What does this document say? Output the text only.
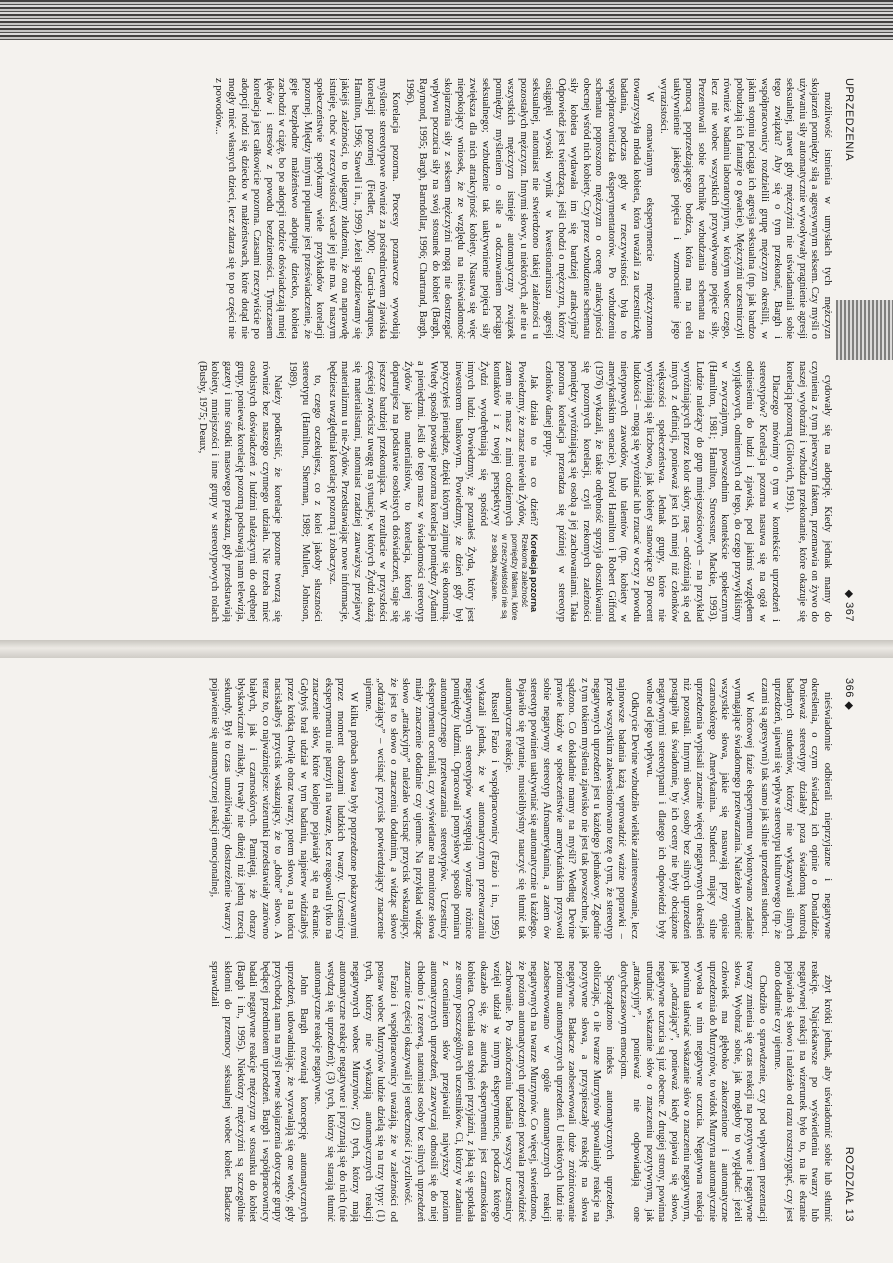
UPRZEDZENIA
◆ 367

możliwość istnienia w umysłach tych mężczyzn skojarzeń pomiędzy siłą a agresywnym seksem. Czy myśli o używaniu siły automatycznie wywoływały pragnienie agresji seksualnej, nawet gdy mężczyźni nie uświadamiali sobie tego związku? Aby się o tym przekonać, Bargh i współpracownicy rozdzielili grupę mężczyzn określili, w jakim stopniu pociąga ich agresja seksualna (np. jak bardzo pobudzają ich fantazje o gwałcie). Mężczyźni uczestniczyli również w badaniu laboratoryjnym, w którym wobec czego, lecz nie wobec wszystkich przywoływano pojęcie siły. Prezentowali sobie technikę wzbudzania schematu za pomocą poprzedzającego bodźca, która ma na celu uaktywnienie jakiegoś pojęcia i wzmocnienie jego wyrazistości.

W omawianym eksperymencie mężczyznom towarzyszyła młoda kobieta, która uważali za uczestniczkę badania, podczas gdy w rzeczywistości była to współpracowniczka eksperymentatorów. Po wzbudzeniu schematu poproszono mężczyzn o ocenę atrakcyjności obecnej wśród nich kobiety. Czy przez wzbudzenie schematu siły kobieta wydawała im się bardziej atrakcyjna? Odpowiedź jest twierdząca, jeśli chodzi o mężczyzn, którzy osiągnęli wysoki wynik w kwestionariuszu agresji seksualnej, natomiast nie stwierdzono takiej zależności u pozostałych mężczyzn. Innymi słowy, u niektórych, ale nie u wszystkich mężczyzn istnieje automatyczny związek pomiędzy myśleniem o sile a odczuwaniem pociągu seksualnego; wzbudzenie tak uaktywnienie pojęcia siły zwiększa dla nich atrakcyjność kobiety. Nasuwa się więc niepokojący wniosek, że ze względu na nieświadomość skojarzenia siły z seksem mężczyźni mogą nie dostrzegać wpływu poczucia siły na swój stosunek do kobiet (Bargh, Raymond, 1995; Bargh, Barndollar, 1996; Chartrand, Bargh, 1996).

Korelacja pozorna. Procesy poznawcze wywołują myślenie stereotypowe również za pośrednictwem zjawiska korelacji pozornej (Fiedler, 2000; Garcia-Marques, Hamilton, 1996; Stawell i in., 1999). Jeżeli spodziewamy się jakiejś zależności, to ulegamy złudzeniu, że ona naprawdę istnieje, choć w rzeczywistości wcale jej nie ma. W naszym społeczeństwie spotykamy wiele przykładów korelacji pozornej. Między innymi popularne jest przeświadczenie, że geje bezpłodne małżeństwo adoptuje dziecko, kobieta zachodzi w ciążę, bo po adopcji rodzice doświadczają mniej lęków i stresów z powodu bezdzietności. Tymczasem korelacja jest całkowicie pozorna. Czasami rzeczywiście po adopcji rodzi się dziecko w małżeństwach, które dotąd nie mogły mieć własnych dzieci, lecz zdarza się to po części nie z powodów...

cydowały się na adopcję. Kiedy jednak mamy do czynienia z tym pierwszym faktem, przemawia on żywo do naszej wyobraźni i wzbudza przekonanie, które okazuje się korelacją pozorną (Gilovich, 1991).

Dlaczego mówimy o tym w kontekście uprzedzeń i stereotypów? Korelacja pozorna nasuwa się na ogół w odniesieniu do ludzi i zjawisk, pod jakimś względem wyjątkowych, odmiennych od tego, do czego przywykliśmy w zwyczajnym, powszednim kontekście społecznym (Hamilton, 1981; Hamilton, Stroessner, Mackie, 1993). Ludzie należący do grup mniejszościowych – na przykład wyróżniających przez kolor skóry, rasę – odróżniają się od innych z definicji, ponieważ jest ich mniej niż członków większości społeczeństwa. Jednak grupy, które nie wyróżniają się liczbowo, jak kobiety stanowiące 50 procent ludzkości – mogą się wyróżniać lub rzucać w oczy z powodu nietypowych zawodów, lub talentów (np. kobiety w amerykańskim senacie). David Hamilton i Robert Gifford (1976) wykazali, że takie odrębność sprzyja doszukiwaniu się pozornych korelacji, czyli rzekomych zależności pomiędzy wyróżniającą się osobą a jej zachowaniami. Taka pozorna korelacja przeradza się później w stereotyp członków danej grupy.

Korelacja pozorna
Rzekoma zależność pomiędzy faktami, które w rzeczywistości nie są ze sobą związane.

Jak działa to na co dzień? Powiedzmy, że znasz niewielu Żydów, zatem nie masz z nimi codziennych kontaktów i z twojej perspektywy Żydzi wyodrębniają się spośród innych ludzi. Powiedzmy, że poznałeś Żyda, który jest inwestorem bankowym. Powiedzmy, że dzień gdy był pożyczyłeś pieniądze, dzięki którym zajmuje się ekonomią. Wtedy sposób powstaje pozorna korelacja pomiędzy Żydami a pieniędzmi. Jeśli do tego masz w świadomości stereotyp Żydów jako materialistów, to korelacja, której się dopatrujesz na podstawie osobistych doświadczeń, staje się jeszcze bardziej przekonująca. W rezultacie w przyszłości częściej zwrócisz uwagę na sytuacje, w których Żydzi okażą się materialistami, natomiast rzadziej zauważysz przejawy materializmu u nie-Żydów. Przedstawiając nowe informacje, będziesz uwzględniał korelację pozorną i zobaczysz.

to, czego oczekujesz, co z kolei jakoby słuszności stereotypu (Hamilton, Sherman, 1989; Mullen, Johnson, 1989).

Należy podkreślić, że korelacje pozorne tworzą się również bez naszego czynnego udziału. Nie trzeba mieć osobistych doświadczeń z ludźmi należącymi do odrębnej grupy, ponieważ korelację pozorną podsuwają nam telewizja, gazety i inne środki masowego przekazu, gdy przedstawiają kobiety, mniejszości i inne grupy w stereotypowych rolach (Busby, 1975; Deaux,

366 ◆
ROZDZIAŁ 13

nieświadomie odbierali nieprzyjazne i negatywne określenia, o czym świadczą ich opinie o Donaldzie. Ponieważ stereotypy działały poza świadomą kontrolą badanych studentów, którzy nie wykazywali silnych uprzedzeń, ujawnił się wpływ stereotypu kulturowego (np. że czarni są agresywni) tak samo jak silnie uprzedzeni studenci.

W końcowej fazie eksperymentu wykonywano zadanie wymagające świadomego przetwarzania. Należało wymienić wszystkie słowa, jakie się nasuwają przy opisie czarnoskórego Amerykanina. Studenci mający silne uprzedzenia wypisali znacznie więcej negatywnych określeń niż pozostali. Innymi słowy, osoby bez silnych uprzedzeń postąpiły tak świadomie, by ich oceny nie były obciążone negatywnymi stereotypami i dlatego ich odpowiedzi były wolne od jego wpływu.

Odkrycie Devine wzbudziło wielkie zainteresowanie, lecz najnowsze badania każą wprowadzić ważne poprawki – przede wszystkim zakwestionowano tezę o tym, że stereotyp negatywnych uprzedzeń jest u każdego jednakowy. Zgodnie z tym tokiem myślenia zjawisko nie jest tak powszechne, jak sądzono. Co dokładnie mamy na myśli? Według Devine prawie każdy w społeczeństwie amerykańskim przyswoił sobie negatywny stereotyp Afroamerykanina, a zatem ów stereotyp powinien uaktywniać się automatycznie u każdego. Pojawiło się pytanie, musielibyśmy nauczyć się tłumić tak automatyczne reakcje.

Russell Fazio i współpracownicy (Fazio i in., 1995) wykazali jednak, że w automatycznym przetwarzaniu negatywnych stereotypów występują wyraźne różnice pomiędzy ludźmi. Opracowali pomysłowy sposób pomiaru automatycznego przetwarzania stereotypów. Uczestnicy eksperymentu oceniali, czy wyświetlane na monitorze słowa miały znaczenie dodatnie czy ujemne. Na przykład widząc słowo „atrakcyjny” należało wcisnąć przycisk wskazujący, że jest to słowo o znaczeniu dodatnim, a widząc słowo „odrażający” – wciśnąć przycisk potwierdzający znaczenie ujemne.

W kilku próbach słowa były poprzedzone pokazywanymi przez moment obrazami ludzkich twarzy. Uczestnicy eksperymentu nie patrzyli na twarze, lecz reagowali tylko na znaczenie słów, które kolejno pojawiały się na ekranie. Gdybyś brał udział w tym badaniu, najpierw widziałbyś przez krótką chwilę obraz twarzy, potem słowo, a na końcu naciskałbyś przycisk wskazujący, że to „dobre” słowo. A teraz to, co najważniejsze: wizerunki przedstawiały zarówno białych, jak i czarnoskórych. Pamiętaj, że obrazy błyskawicznie znikały, trwały nie dłużej niż jedną trzecią sekundy. Był to czas umożliwiający dostrzeżenie twarzy i pojawienie się automatycznej reakcji emocjonalnej,

zbyt krótki jednak, aby uświadomić sobie lub stłumić reakcję. Najciekawsze po wyświetleniu twarzy lub negatywnej reakcji na wizerunek było to, na ile ekranie pojawiało się słowo i należało od razu rozstrzygnąć, czy jest ono dodatnie czy ujemne.

Chodziło o sprawdzenie, czy pod wpływem prezentacji twarzy zmienia się czas reakcji na pozytywne i negatywne słowa. Wyobraź sobie, jak mogłoby to wyglądać: jeżeli człowiek ma głęboko zakorzenione i automatyczne uprzedzenia do Murzynów, to widok Murzyna automatycznie wywoła w nim negatywne uczucia. Negatywna reakcja powinna ułatwiać wskazanie słów o znaczeniu negatywnym, jak „odrażający”, ponieważ kiedy pojawia się słowo, negatywne uczucia są już obecne. Z drugiej strony, powinna utrudniać wskazanie słów o znaczeniu pozytywnym, jak „atrakcyjny”, ponieważ nie odpowiadają one dotychczasowym emocjom.

Sporządzono indeks automatycznych uprzedzeń, obliczając, o ile twarze Murzynów spowalniały reakcje na pozytywne słowa, a przyspieszały reakcję na słowa negatywne. Badacze zaobserwowali duże zróżnicowanie poziomu automatycznych uprzedzeń. U niektórych ludzi nie zaobserwowano w ogóle automatycznych reakcji negatywnych na twarze Murzynów. Co więcej, stwierdzono, że poziom automatycznych uprzedzeń pozwala przewidzieć zachowanie. Po zakończeniu badania wszyscy uczestnicy wzięli udział w innym eksperymencie, podczas którego okazało się, że autorką eksperymentu jest czarnoskóra kobieta. Oceniała ona stopień przyjaźni, z jaką się spotkała ze strony poszczególnych uczestników. Ci, którzy w zadaniu z ocenianiem słów przejawiali najwyższy poziom automatycznych uprzedzeń, zazwyczaj odnosili się do niej chłodno i z rezerwą, natomiast osoby bez silnych uprzedzeń znacznie częściej okazywali jej serdeczność i życzliwość.

Fazio i współpracownicy uważają, że w zależności od postaw wobec Murzynów ludzie dzielą się na trzy typy: (1) tych, którzy nie wykazują automatycznych reakcji negatywnych wobec Murzynów; (2) tych, którzy mają automatyczne reakcje negatywne i przyznają się do nich (nie wstydzą się uprzedzeń); (3) tych, którzy się starają tłumić automatyczne reakcje negatywne.

John Bargh rozwinął koncepcję automatycznych uprzedzeń, udowadniając, że wyzwalają się one wtedy, gdy przychodzą nam na myśl pewne skojarzenia dotyczące grupy będącej przedmiotem uprzedzeń. Bargh i współpracownicy badali negatywne reakcje mężczyzn w stosunku do kobiet (Bargh i in., 1995). Niektórzy mężczyźni są szczególnie skłonni do przemocy seksualnej wobec kobiet. Badacze sprawdzali
